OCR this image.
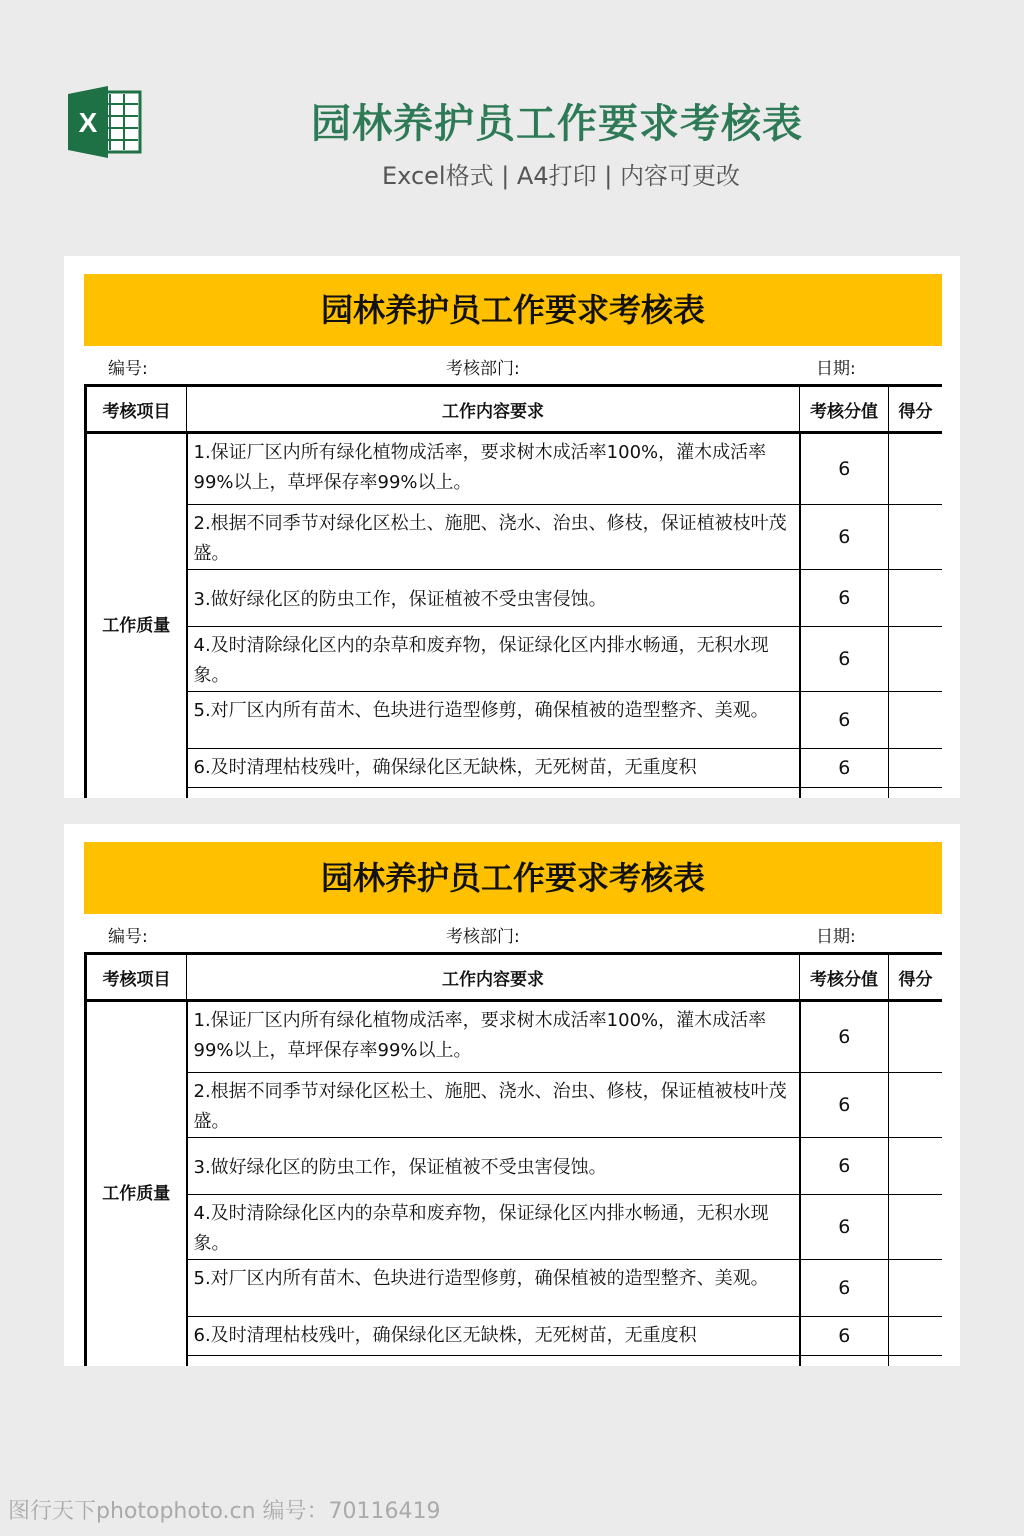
X	园林养护员工作要求考核表
Excel格式 | A4打印 | 内容可更改
园林养护员工作要求考核表
编号:	考核部门:	日期:
考核项目	工作内容要求	考核分值	得分
工作质量	1.保证厂区内所有绿化植物成活率，要求树木成活率100%，灌木成活率99%以上，草坪保存率99%以上。	6	
	2.根据不同季节对绿化区松土、施肥、浇水、治虫、修枝，保证植被枝叶茂盛。	6	
	3.做好绿化区的防虫工作，保证植被不受虫害侵蚀。	6	
	4.及时清除绿化区内的杂草和废弃物，保证绿化区内排水畅通，无积水现象。	6	
	5.对厂区内所有苗木、色块进行造型修剪，确保植被的造型整齐、美观。	6	
	6.及时清理枯枝残叶，确保绿化区无缺株，无死树苗，无重度积	6	

园林养护员工作要求考核表
编号:	考核部门:	日期:
考核项目	工作内容要求	考核分值	得分
工作质量	1.保证厂区内所有绿化植物成活率，要求树木成活率100%，灌木成活率99%以上，草坪保存率99%以上。	6	
	2.根据不同季节对绿化区松土、施肥、浇水、治虫、修枝，保证植被枝叶茂盛。	6	
	3.做好绿化区的防虫工作，保证植被不受虫害侵蚀。	6	
	4.及时清除绿化区内的杂草和废弃物，保证绿化区内排水畅通，无积水现象。	6	
	5.对厂区内所有苗木、色块进行造型修剪，确保植被的造型整齐、美观。	6	
	6.及时清理枯枝残叶，确保绿化区无缺株，无死树苗，无重度积	6	

图行天下photophoto.cn 编号：70116419
